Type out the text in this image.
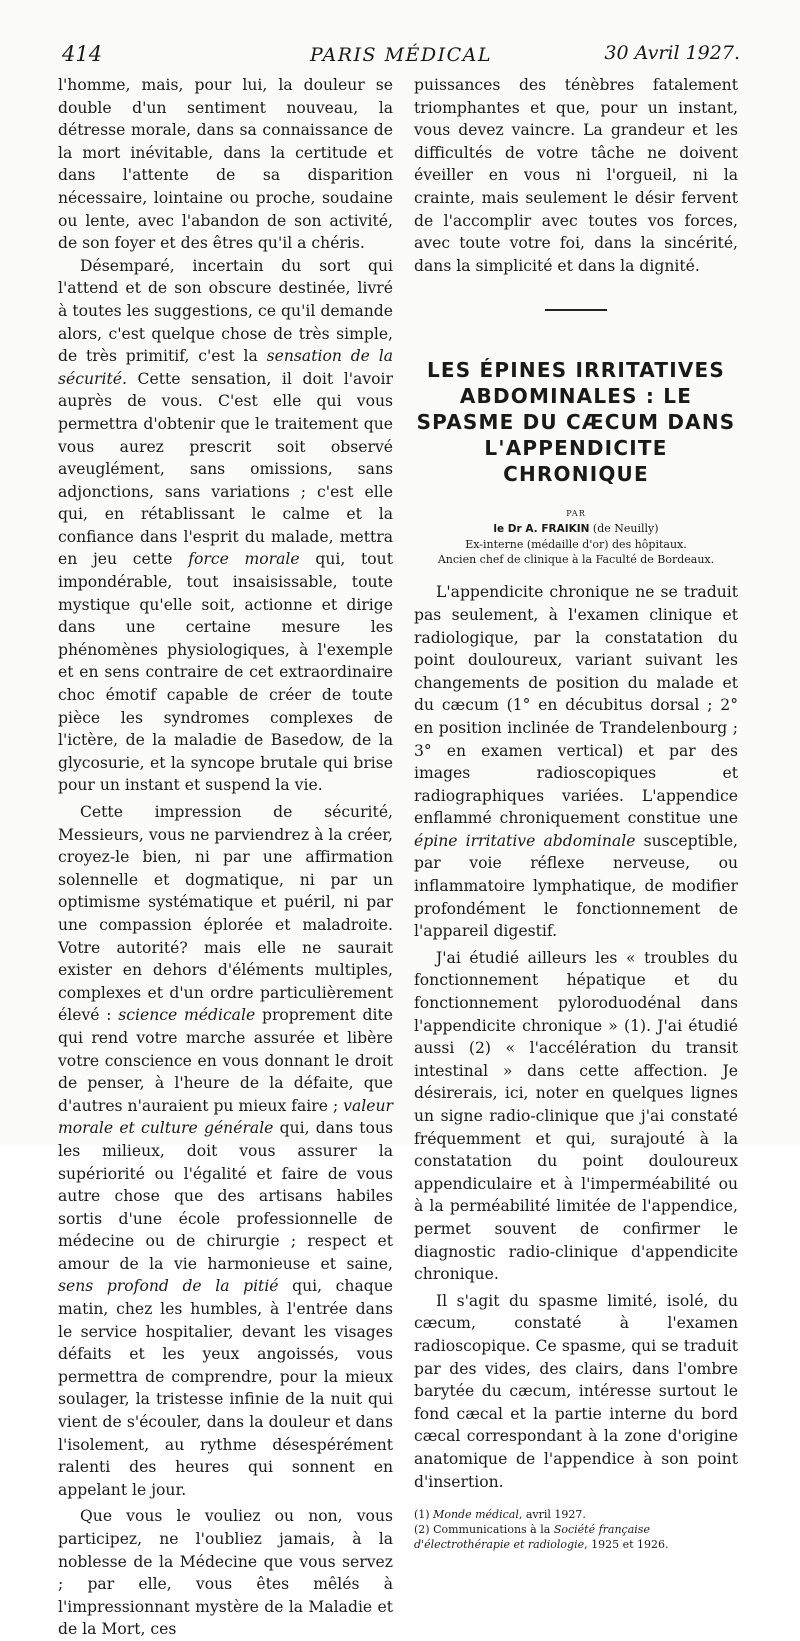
414	PARIS MÉDICAL	30 Avril 1927.

l'homme, mais, pour lui, la douleur se double d'un sentiment nouveau, la détresse morale, dans sa connaissance de la mort inévitable, dans la certitude et dans l'attente de sa disparition nécessaire, lointaine ou proche, soudaine ou lente, avec l'abandon de son activité, de son foyer et des êtres qu'il a chéris.

Désemparé, incertain du sort qui l'attend et de son obscure destinée, livré à toutes les suggestions, ce qu'il demande alors, c'est quelque chose de très simple, de très primitif, c'est la sensation de la sécurité. Cette sensation, il doit l'avoir auprès de vous. C'est elle qui vous permettra d'obtenir que le traitement que vous aurez prescrit soit observé aveuglément, sans omissions, sans adjonctions, sans variations ; c'est elle qui, en rétablissant le calme et la confiance dans l'esprit du malade, mettra en jeu cette force morale qui, tout impondérable, tout insaisissable, toute mystique qu'elle soit, actionne et dirige dans une certaine mesure les phénomènes physiologiques, à l'exemple et en sens contraire de cet extraordinaire choc émotif capable de créer de toute pièce les syndromes complexes de l'ictère, de la maladie de Basedow, de la glycosurie, et la syncope brutale qui brise pour un instant et suspend la vie.

Cette impression de sécurité, Messieurs, vous ne parviendrez à la créer, croyez-le bien, ni par une affirmation solennelle et dogmatique, ni par un optimisme systématique et puéril, ni par une compassion éplorée et maladroite. Votre autorité? mais elle ne saurait exister en dehors d'éléments multiples, complexes et d'un ordre particulièrement élevé : science médicale proprement dite qui rend votre marche assurée et libère votre conscience en vous donnant le droit de penser, à l'heure de la défaite, que d'autres n'auraient pu mieux faire ; valeur morale et culture générale qui, dans tous les milieux, doit vous assurer la supériorité ou l'égalité et faire de vous autre chose que des artisans habiles sortis d'une école professionnelle de médecine ou de chirurgie ; respect et amour de la vie harmonieuse et saine, sens profond de la pitié qui, chaque matin, chez les humbles, à l'entrée dans le service hospitalier, devant les visages défaits et les yeux angoissés, vous permettra de comprendre, pour la mieux soulager, la tristesse infinie de la nuit qui vient de s'écouler, dans la douleur et dans l'isolement, au rythme désespérément ralenti des heures qui sonnent en appelant le jour.

Que vous le vouliez ou non, vous participez, ne l'oubliez jamais, à la noblesse de la Médecine que vous servez ; par elle, vous êtes mêlés à l'impressionnant mystère de la Maladie et de la Mort, ces

puissances des ténèbres fatalement triomphantes et que, pour un instant, vous devez vaincre. La grandeur et les difficultés de votre tâche ne doivent éveiller en vous ni l'orgueil, ni la crainte, mais seulement le désir fervent de l'accomplir avec toutes vos forces, avec toute votre foi, dans la sincérité, dans la simplicité et dans la dignité.

LES ÉPINES IRRITATIVES ABDOMINALES : LE SPASME DU CÆCUM DANS L'APPENDICITE CHRONIQUE

PAR

le Dr A. FRAIKIN (de Neuilly)

Ex-interne (médaille d'or) des hôpitaux.

Ancien chef de clinique à la Faculté de Bordeaux.

L'appendicite chronique ne se traduit pas seulement, à l'examen clinique et radiologique, par la constatation du point douloureux, variant suivant les changements de position du malade et du cæcum (1° en décubitus dorsal ; 2° en position inclinée de Trandelenbourg ; 3° en examen vertical) et par des images radioscopiques et radiographiques variées. L'appendice enflammé chroniquement constitue une épine irritative abdominale susceptible, par voie réflexe nerveuse, ou inflammatoire lymphatique, de modifier profondément le fonctionnement de l'appareil digestif.

J'ai étudié ailleurs les « troubles du fonctionnement hépatique et du fonctionnement pyloroduodénal dans l'appendicite chronique » (1). J'ai étudié aussi (2) « l'accélération du transit intestinal » dans cette affection. Je désirerais, ici, noter en quelques lignes un signe radio-clinique que j'ai constaté fréquemment et qui, surajouté à la constatation du point douloureux appendiculaire et à l'imperméabilité ou à la perméabilité limitée de l'appendice, permet souvent de confirmer le diagnostic radio-clinique d'appendicite chronique.

Il s'agit du spasme limité, isolé, du cæcum, constaté à l'examen radioscopique. Ce spasme, qui se traduit par des vides, des clairs, dans l'ombre barytée du cæcum, intéresse surtout le fond cæcal et la partie interne du bord cæcal correspondant à la zone d'origine anatomique de l'appendice à son point d'insertion.

(1) Monde médical, avril 1927.

(2) Communications à la Société française d'électrothérapie et radiologie, 1925 et 1926.
